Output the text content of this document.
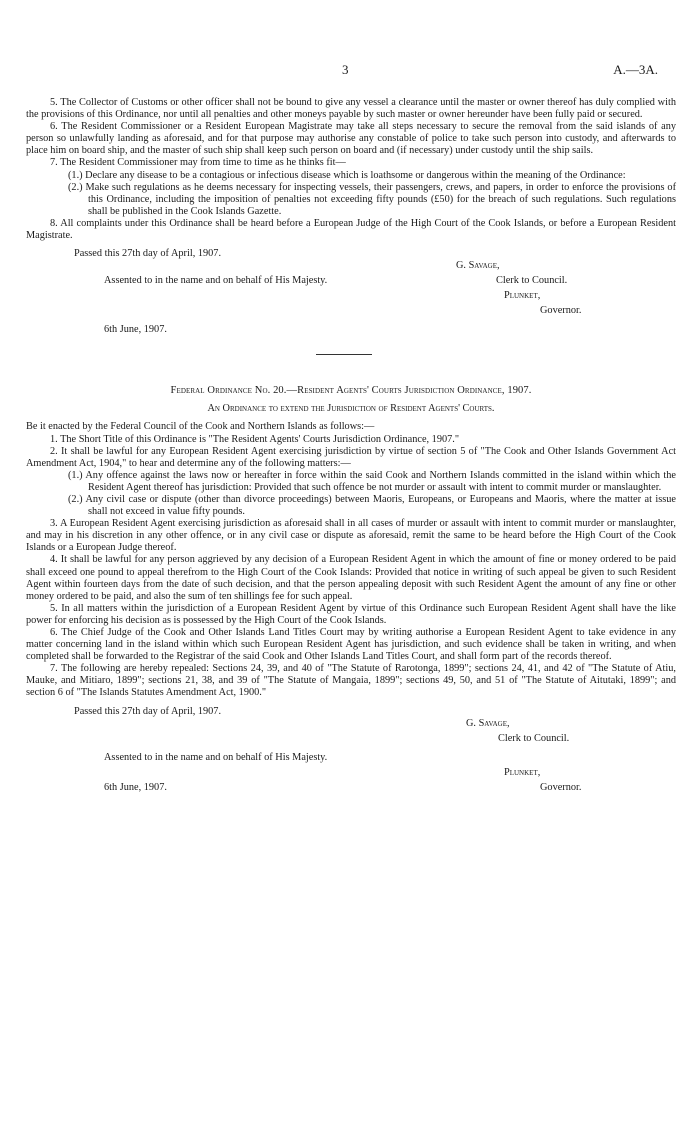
3	A.—3A.

5. The Collector of Customs or other officer shall not be bound to give any vessel a clearance until the master or owner thereof has duly complied with the provisions of this Ordinance, nor until all penalties and other moneys payable by such master or owner hereunder have been fully paid or secured.

6. The Resident Commissioner or a Resident European Magistrate may take all steps necessary to secure the removal from the said islands of any person so unlawfully landing as aforesaid, and for that purpose may authorise any constable of police to take such person into custody, and afterwards to place him on board ship, and the master of such ship shall keep such person on board and (if necessary) under custody until the ship sails.

7. The Resident Commissioner may from time to time as he thinks fit—

(1.) Declare any disease to be a contagious or infectious disease which is loathsome or dangerous within the meaning of the Ordinance:

(2.) Make such regulations as he deems necessary for inspecting vessels, their passengers, crews, and papers, in order to enforce the provisions of this Ordinance, including the imposition of penalties not exceeding fifty pounds (£50) for the breach of such regulations. Such regulations shall be published in the Cook Islands Gazette.

8. All complaints under this Ordinance shall be heard before a European Judge of the High Court of the Cook Islands, or before a European Resident Magistrate.

Passed this 27th day of April, 1907.

G. Savage,
Assented to in the name and on behalf of His Majesty.	Clerk to Council.
Plunket,
Governor.
6th June, 1907.

Federal Ordinance No. 20.—Resident Agents' Courts Jurisdiction Ordinance, 1907.

An Ordinance to extend the Jurisdiction of Resident Agents' Courts.

Be it enacted by the Federal Council of the Cook and Northern Islands as follows:—

1. The Short Title of this Ordinance is "The Resident Agents' Courts Jurisdiction Ordinance, 1907."

2. It shall be lawful for any European Resident Agent exercising jurisdiction by virtue of section 5 of "The Cook and Other Islands Government Act Amendment Act, 1904," to hear and determine any of the following matters:—

(1.) Any offence against the laws now or hereafter in force within the said Cook and Northern Islands committed in the island within which the Resident Agent thereof has jurisdiction: Provided that such offence be not murder or assault with intent to commit murder or manslaughter.

(2.) Any civil case or dispute (other than divorce proceedings) between Maoris, Europeans, or Europeans and Maoris, where the matter at issue shall not exceed in value fifty pounds.

3. A European Resident Agent exercising jurisdiction as aforesaid shall in all cases of murder or assault with intent to commit murder or manslaughter, and may in his discretion in any other offence, or in any civil case or dispute as aforesaid, remit the same to be heard before the High Court of the Cook Islands or a European Judge thereof.

4. It shall be lawful for any person aggrieved by any decision of a European Resident Agent in which the amount of fine or money ordered to be paid shall exceed one pound to appeal therefrom to the High Court of the Cook Islands: Provided that notice in writing of such appeal be given to such Resident Agent within fourteen days from the date of such decision, and that the person appealing deposit with such Resident Agent the amount of any fine or other money ordered to be paid, and also the sum of ten shillings fee for such appeal.

5. In all matters within the jurisdiction of a European Resident Agent by virtue of this Ordinance such European Resident Agent shall have the like power for enforcing his decision as is possessed by the High Court of the Cook Islands.

6. The Chief Judge of the Cook and Other Islands Land Titles Court may by writing authorise a European Resident Agent to take evidence in any matter concerning land in the island within which such European Resident Agent has jurisdiction, and such evidence shall be taken in writing, and when completed shall be forwarded to the Registrar of the said Cook and Other Islands Land Titles Court, and shall form part of the records thereof.

7. The following are hereby repealed: Sections 24, 39, and 40 of "The Statute of Rarotonga, 1899"; sections 24, 41, and 42 of "The Statute of Atiu, Mauke, and Mitiaro, 1899"; sections 21, 38, and 39 of "The Statute of Mangaia, 1899"; sections 49, 50, and 51 of "The Statute of Aitutaki, 1899"; and section 6 of "The Islands Statutes Amendment Act, 1900."

Passed this 27th day of April, 1907.

G. Savage,
Clerk to Council.
Assented to in the name and on behalf of His Majesty.
Plunket,
6th June, 1907.	Governor.
